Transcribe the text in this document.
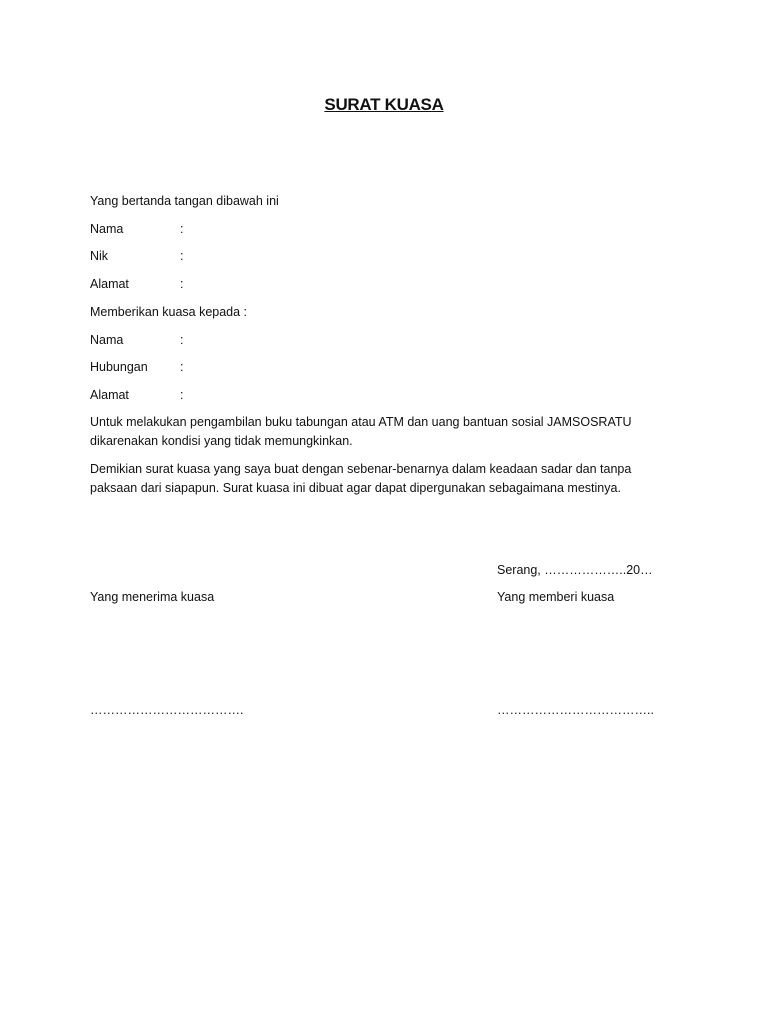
SURAT KUASA
Yang bertanda tangan dibawah ini
Nama	:
Nik	:
Alamat	:
Memberikan kuasa kepada :
Nama	:
Hubungan	:
Alamat	:
Untuk melakukan pengambilan buku tabungan atau ATM dan uang bantuan sosial JAMSOSRATU dikarenakan kondisi yang tidak memungkinkan.
Demikian surat kuasa yang saya buat dengan sebenar-benarnya dalam keadaan sadar dan tanpa paksaan dari siapapun. Surat kuasa ini dibuat agar dapat dipergunakan sebagaimana mestinya.
Serang, ………………..20…
Yang menerima kuasa	Yang memberi kuasa
……………………………….	………………………………..
